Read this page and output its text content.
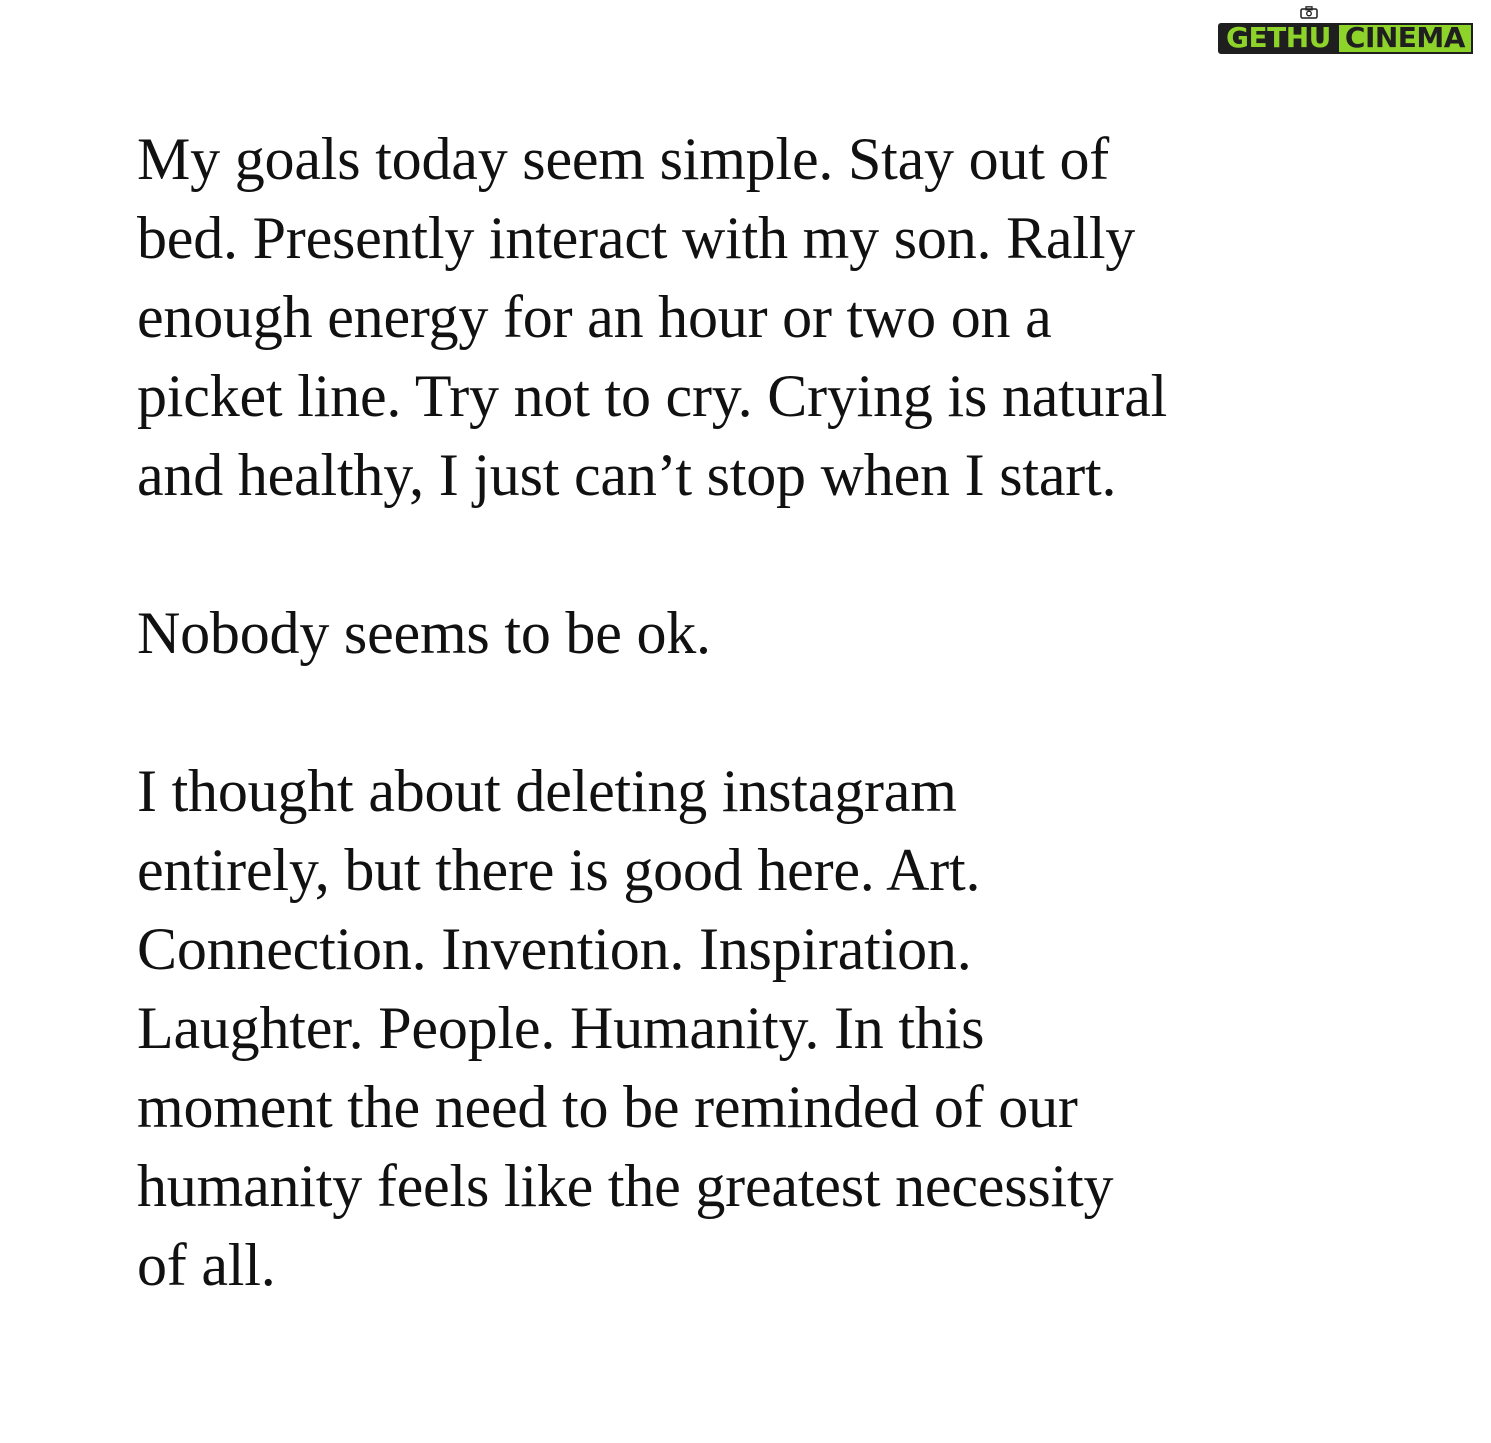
GETHU CINEMA

My goals today seem simple. Stay out of
bed. Presently interact with my son. Rally
enough energy for an hour or two on a
picket line. Try not to cry. Crying is natural
and healthy, I just can’t stop when I start.

Nobody seems to be ok.

I thought about deleting instagram
entirely, but there is good here. Art.
Connection. Invention. Inspiration.
Laughter. People. Humanity. In this
moment the need to be reminded of our
humanity feels like the greatest necessity
of all.
